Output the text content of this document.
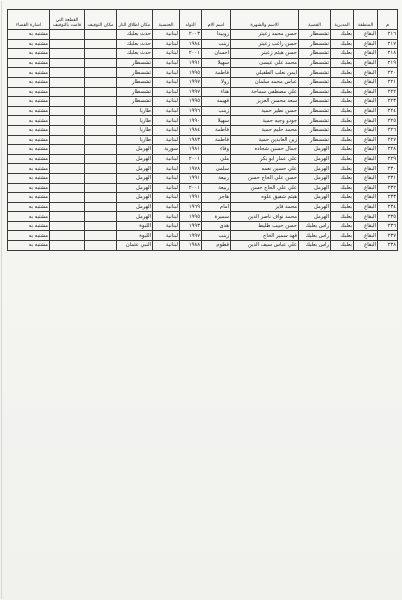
م	المنطقة	المديرية	القضية	الاسم والشهرة	اسم الام	التولد	الجنسية	مكان اطلاق النار	مكان التوقيف	القطعة التي قامت بالتوقيف	اشارة القضاء
٢١٦	البقاع	بعلبك	تشسطار	حسن محمد زعيتر	روبيدا	٢٠٠٣	لبنانية	حدث بعلبك			مشتبه به
٢١٧	البقاع	بعلبك	تشسطار	حسن راغب زعيتر	زينب	١٩٨٤	لبنانية	حدث بعلبك			مشتبه به
٢١٨	البقاع	بعلبك	تشسطار	حسن هيثم زعيتر	احسان	٢٠٠١	لبنانية	حدث بعلبك			مشتبه به
٢١٩	البقاع	بعلبك	تشسطار	محمد علي عيسى	سهيلا	١٩٩١	لبنانية	تشسطار			مشتبه به
٢٢٠	البقاع	بعلبك	تشسطار	ايمن نعلب الطفيلي	فاطمة	١٩٩٥	لبنانية	تشسطار			مشتبه به
٢٢١	البقاع	بعلبك	تشسطار	عباس محمد سلمان	رولا	١٩٩٧	لبنانية	تشسطار			مشتبه به
٢٢٢	البقاع	بعلبك	تشسطار	علي مصطفى سماحة	هناء	١٩٩٧	لبنانية	تشسطار			مشتبه به
٢٢٣	البقاع	بعلبك	تشسطار	سعد محسن العزيز	فهيمة	١٩٩٥	لبنانية	تشسطار			مشتبه به
٢٢٤	البقاع	بعلبك	تشسطار	حسن نظير حمية	زينب	١٩٩٦	لبنانية	طاريا			مشتبه به
٢٢٥	البقاع	بعلبك	تشسطار	جودو وجيه حمية	سهيلا	١٩٩٠	لبنانية	طاريا			مشتبه به
٢٢٦	البقاع	بعلبك	تشسطار	محمد حليم حمية	فاطمة	١٩٨٤	لبنانية	طاريا			مشتبه به
٢٢٧	البقاع	بعلبك	تشسطار	زين العابدين حمية	فاطمة	١٩٨٣	لبنانية	طاريا			مشتبه به
٢٢٨	البقاع	بعلبك	الهرمل	جمال حسين شحاده	وفاء	١٩٨١	سورية	الهرمل			مشتبه به
٢٢٩	البقاع	بعلبك	الهرمل	علي عمار ابو بكر	ملي	٢٠٠١	لبنانية	الهرمل			مشتبه به
٢٣٠	البقاع	بعلبك	الهرمل	علي حسين نعمه	سلمى	١٩٧٨	لبنانية	الهرمل			مشتبه به
٢٣١	البقاع	بعلبك	الهرمل	حسن علي الحاج حسن	ربيعة	١٩٩١	لبنانية	الهرمل			مشتبه به
٢٣٢	البقاع	بعلبك	الهرمل	علي علي الحاج حسن	ربيعة	٢٠٠١	لبنانية	الهرمل			مشتبه به
٢٣٣	البقاع	بعلبك	الهرمل	هيثم شفيق علوه	هاجر	١٩٩١	لبنانية	الهرمل			مشتبه به
٢٣٤	البقاع	بعلبك	الهرمل	محمد فايز	امام	١٩٦٩	لبنانية	الهرمل			مشتبه به
٢٣٥	البقاع	بعلبك	الهرمل	محمد نواف ناصر الدين	سميرة	١٩٩٥	لبنانية	الهرمل			مشتبه به
٢٣٦	البقاع	بعلبك	راس بعلبك	حسن حبيب طليط	هدى	١٩٩٣	لبنانية	اللبوة			مشتبه به
٢٣٧	البقاع	بعلبك	راس بعلبك	فهد سمير الحاج	زينب	١٩٩٧	لبنانية	اللبوة			مشتبه به
٢٣٨	البقاع	بعلبك	راس بعلبك	علي عباس سيف الدين	فطوم	١٩٨٨	لبنانية	النبي عثمان			مشتبه به
